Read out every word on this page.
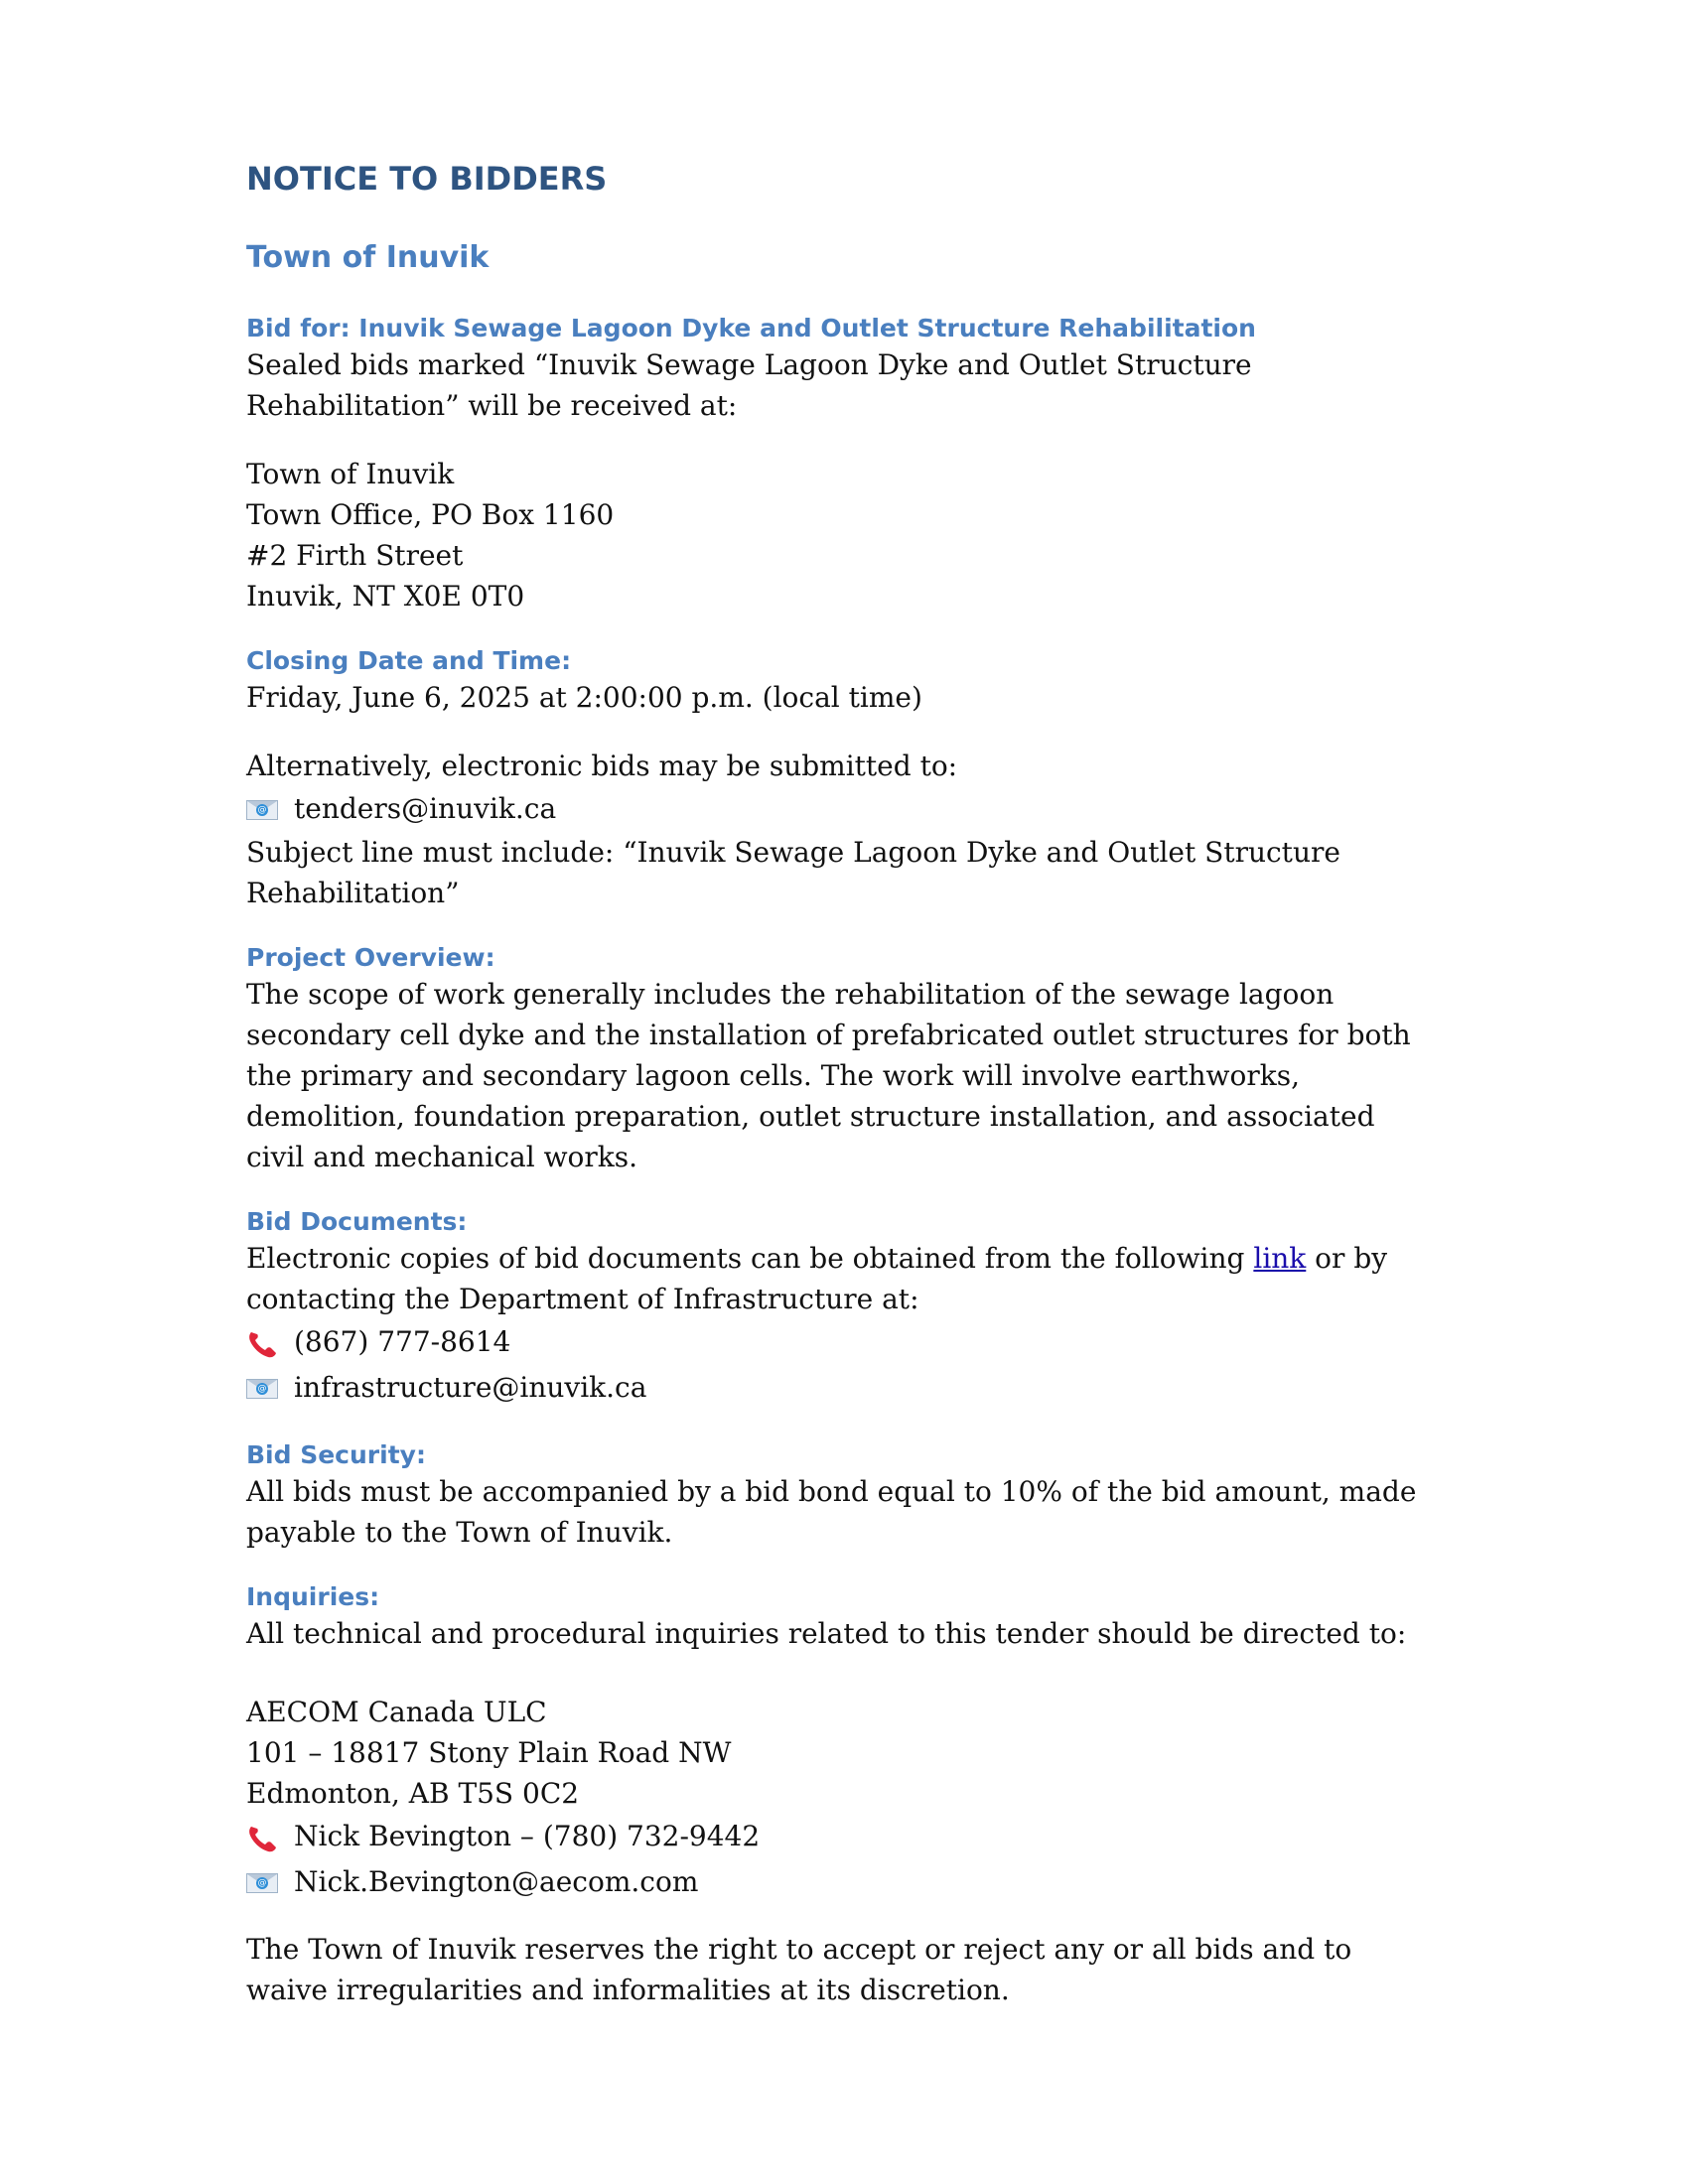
NOTICE TO BIDDERS
Town of Inuvik
Bid for: Inuvik Sewage Lagoon Dyke and Outlet Structure Rehabilitation

Sealed bids marked “Inuvik Sewage Lagoon Dyke and Outlet Structure Rehabilitation” will be received at:

Town of Inuvik
Town Office, PO Box 1160
#2 Firth Street
Inuvik, NT X0E 0T0
Closing Date and Time:

Friday, June 6, 2025 at 2:00:00 p.m. (local time)

Alternatively, electronic bids may be submitted to:

@ tenders@inuvik.ca

Subject line must include: “Inuvik Sewage Lagoon Dyke and Outlet Structure Rehabilitation”

Project Overview:

The scope of work generally includes the rehabilitation of the sewage lagoon secondary cell dyke and the installation of prefabricated outlet structures for both the primary and secondary lagoon cells. The work will involve earthworks, demolition, foundation preparation, outlet structure installation, and associated civil and mechanical works.

Bid Documents:

Electronic copies of bid documents can be obtained from the following link or by contacting the Department of Infrastructure at:

(867) 777-8614
@ infrastructure@inuvik.ca
Bid Security:

All bids must be accompanied by a bid bond equal to 10% of the bid amount, made payable to the Town of Inuvik.

Inquiries:

All technical and procedural inquiries related to this tender should be directed to:

AECOM Canada ULC
101 – 18817 Stony Plain Road NW
Edmonton, AB T5S 0C2
Nick Bevington – (780) 732-9442
@ Nick.Bevington@aecom.com

The Town of Inuvik reserves the right to accept or reject any or all bids and to waive irregularities and informalities at its discretion.
